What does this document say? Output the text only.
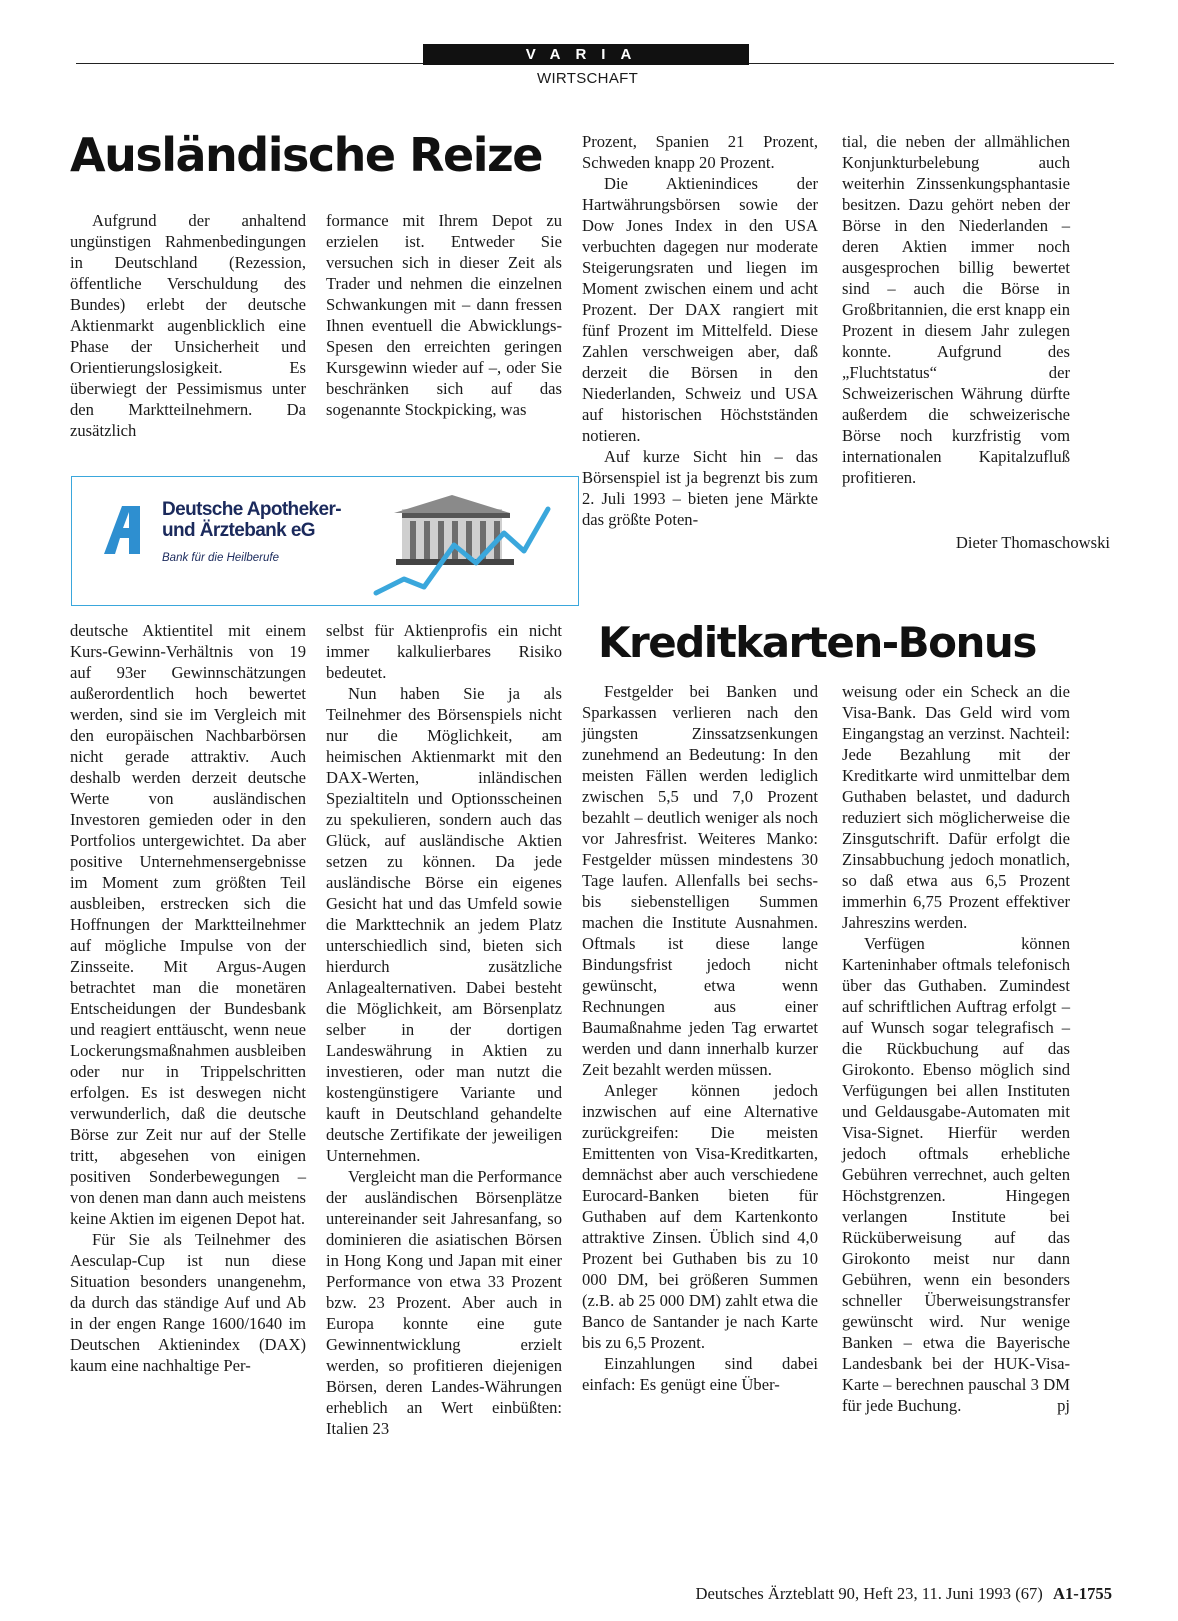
VARIA
WIRTSCHAFT
Ausländische Reize

Aufgrund der anhaltend ungünstigen Rahmenbedingungen in Deutschland (Rezession, öffentliche Verschuldung des Bundes) erlebt der deutsche Aktienmarkt augenblicklich eine Phase der Unsicherheit und Orientierungslosigkeit. Es überwiegt der Pessimismus unter den Marktteilnehmern. Da zusätzlich

formance mit Ihrem Depot zu erzielen ist. Entweder Sie versuchen sich in dieser Zeit als Trader und nehmen die einzelnen Schwankungen mit – dann fressen Ihnen eventuell die Abwicklungs-Spesen den erreichten geringen Kursgewinn wieder auf –, oder Sie beschränken sich auf das sogenannte Stockpicking, was

Prozent, Spanien 21 Prozent, Schweden knapp 20 Prozent.

Die Aktienindices der Hartwährungsbörsen sowie der Dow Jones Index in den USA verbuchten dagegen nur moderate Steigerungsraten und liegen im Moment zwischen einem und acht Prozent. Der DAX rangiert mit fünf Prozent im Mittelfeld. Diese Zahlen verschweigen aber, daß derzeit die Börsen in den Niederlanden, Schweiz und USA auf historischen Höchstständen notieren.

Auf kurze Sicht hin – das Börsenspiel ist ja begrenzt bis zum 2. Juli 1993 – bieten jene Märkte das größte Poten-

tial, die neben der allmählichen Konjunkturbelebung auch weiterhin Zinssenkungsphantasie besitzen. Dazu gehört neben der Börse in den Niederlanden – deren Aktien immer noch ausgesprochen billig bewertet sind – auch die Börse in Großbritannien, die erst knapp ein Prozent in diesem Jahr zulegen konnte. Aufgrund des „Fluchtstatus“ der Schweizerischen Währung dürfte außerdem die schweizerische Börse noch kurzfristig vom internationalen Kapitalzufluß profitieren.

Dieter Thomaschowski
Deutsche Apotheker-
und Ärztebank eG
Bank für die Heilberufe

deutsche Aktientitel mit einem Kurs-Gewinn-Verhältnis von 19 auf 93er Gewinnschätzungen außerordentlich hoch bewertet werden, sind sie im Vergleich mit den europäischen Nachbarbörsen nicht gerade attraktiv. Auch deshalb werden derzeit deutsche Werte von ausländischen Investoren gemieden oder in den Portfolios untergewichtet. Da aber positive Unternehmensergebnisse im Moment zum größten Teil ausbleiben, erstrecken sich die Hoffnungen der Marktteilnehmer auf mögliche Impulse von der Zinsseite. Mit Argus-Augen betrachtet man die monetären Entscheidungen der Bundesbank und reagiert enttäuscht, wenn neue Lockerungsmaßnahmen ausbleiben oder nur in Trippelschritten erfolgen. Es ist deswegen nicht verwunderlich, daß die deutsche Börse zur Zeit nur auf der Stelle tritt, abgesehen von einigen positiven Sonderbewegungen – von denen man dann auch meistens keine Aktien im eigenen Depot hat.

Für Sie als Teilnehmer des Aesculap-Cup ist nun diese Situation besonders unangenehm, da durch das ständige Auf und Ab in der engen Range 1600/1640 im Deutschen Aktienindex (DAX) kaum eine nachhaltige Per-

selbst für Aktienprofis ein nicht immer kalkulierbares Risiko bedeutet.

Nun haben Sie ja als Teilnehmer des Börsenspiels nicht nur die Möglichkeit, am heimischen Aktienmarkt mit den DAX-Werten, inländischen Spezialtiteln und Optionsscheinen zu spekulieren, sondern auch das Glück, auf ausländische Aktien setzen zu können. Da jede ausländische Börse ein eigenes Gesicht hat und das Umfeld sowie die Markttechnik an jedem Platz unterschiedlich sind, bieten sich hierdurch zusätzliche Anlagealternativen. Dabei besteht die Möglichkeit, am Börsenplatz selber in der dortigen Landeswährung in Aktien zu investieren, oder man nutzt die kostengünstigere Variante und kauft in Deutschland gehandelte deutsche Zertifikate der jeweiligen Unternehmen.

Vergleicht man die Performance der ausländischen Börsenplätze untereinander seit Jahresanfang, so dominieren die asiatischen Börsen in Hong Kong und Japan mit einer Performance von etwa 33 Prozent bzw. 23 Prozent. Aber auch in Europa konnte eine gute Gewinnentwicklung erzielt werden, so profitieren diejenigen Börsen, deren Landes-Währungen erheblich an Wert einbüßten: Italien 23

Kreditkarten-Bonus

Festgelder bei Banken und Sparkassen verlieren nach den jüngsten Zinssatzsenkungen zunehmend an Bedeutung: In den meisten Fällen werden lediglich zwischen 5,5 und 7,0 Prozent bezahlt – deutlich weniger als noch vor Jahresfrist. Weiteres Manko: Festgelder müssen mindestens 30 Tage laufen. Allenfalls bei sechs- bis siebenstelligen Summen machen die Institute Ausnahmen. Oftmals ist diese lange Bindungsfrist jedoch nicht gewünscht, etwa wenn Rechnungen aus einer Baumaßnahme jeden Tag erwartet werden und dann innerhalb kurzer Zeit bezahlt werden müssen.

Anleger können jedoch inzwischen auf eine Alternative zurückgreifen: Die meisten Emittenten von Visa-Kreditkarten, demnächst aber auch verschiedene Eurocard-Banken bieten für Guthaben auf dem Kartenkonto attraktive Zinsen. Üblich sind 4,0 Prozent bei Guthaben bis zu 10 000 DM, bei größeren Summen (z.B. ab 25 000 DM) zahlt etwa die Banco de Santander je nach Karte bis zu 6,5 Prozent.

Einzahlungen sind dabei einfach: Es genügt eine Über-

weisung oder ein Scheck an die Visa-Bank. Das Geld wird vom Eingangstag an verzinst. Nachteil: Jede Bezahlung mit der Kreditkarte wird unmittelbar dem Guthaben belastet, und dadurch reduziert sich möglicherweise die Zinsgutschrift. Dafür erfolgt die Zinsabbuchung jedoch monatlich, so daß etwa aus 6,5 Prozent immerhin 6,75 Prozent effektiver Jahreszins werden.

Verfügen können Karteninhaber oftmals telefonisch über das Guthaben. Zumindest auf schriftlichen Auftrag erfolgt – auf Wunsch sogar telegrafisch – die Rückbuchung auf das Girokonto. Ebenso möglich sind Verfügungen bei allen Instituten und Geldausgabe-Automaten mit Visa-Signet. Hierfür werden jedoch oftmals erhebliche Gebühren verrechnet, auch gelten Höchstgrenzen. Hingegen verlangen Institute bei Rücküberweisung auf das Girokonto meist nur dann Gebühren, wenn ein besonders schneller Überweisungstransfer gewünscht wird. Nur wenige Banken – etwa die Bayerische Landesbank bei der HUK-Visa-Karte – berechnen pauschal 3 DM für jede Buchung.	pj

Deutsches Ärzteblatt 90, Heft 23, 11. Juni 1993 (67) A1-1755
